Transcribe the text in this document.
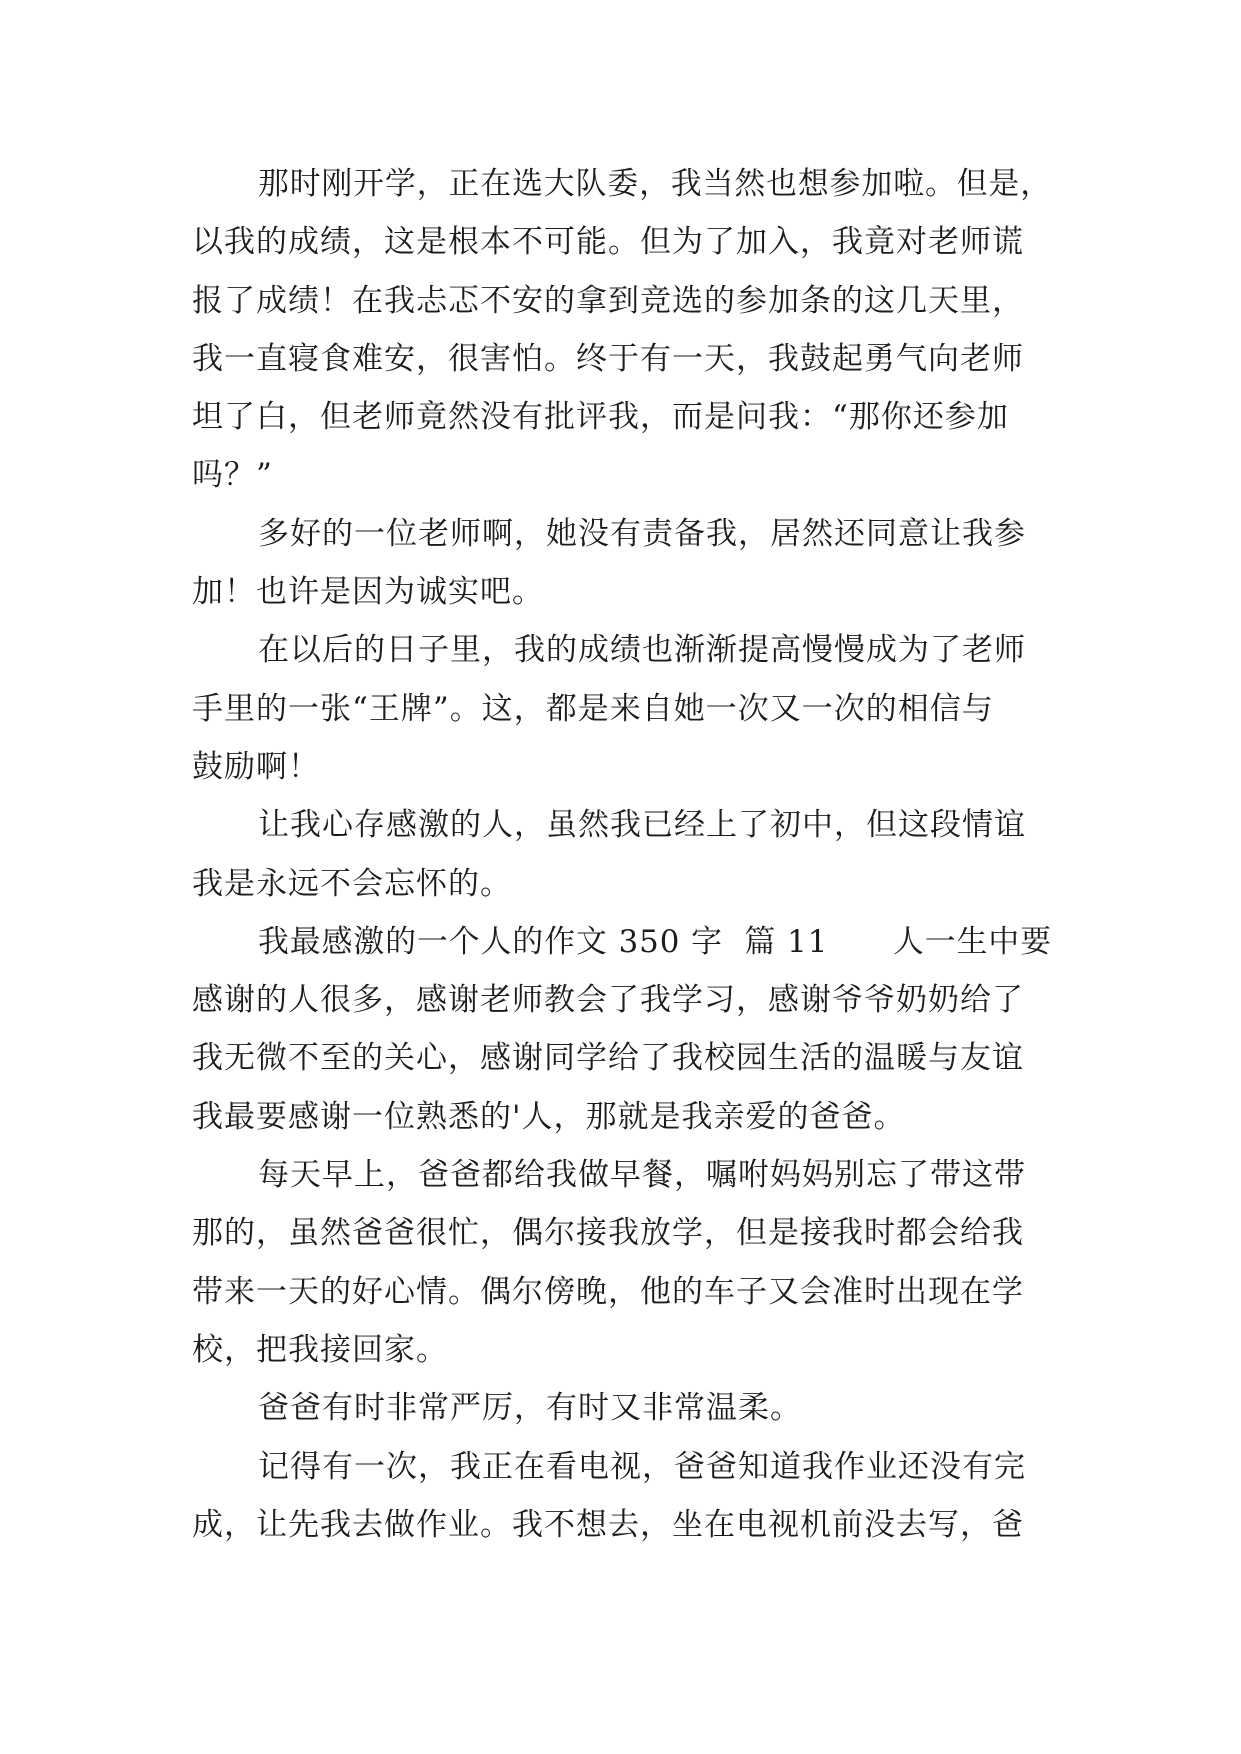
那时刚开学，正在选大队委，我当然也想参加啦。但是，
以我的成绩，这是根本不可能。但为了加入，我竟对老师谎
报了成绩！在我忐忑不安的拿到竞选的参加条的这几天里，
我一直寝食难安，很害怕。终于有一天，我鼓起勇气向老师
坦了白，但老师竟然没有批评我，而是问我：“那你还参加
吗？”
多好的一位老师啊，她没有责备我，居然还同意让我参
加！也许是因为诚实吧。
在以后的日子里，我的成绩也渐渐提高慢慢成为了老师
手里的一张“王牌”。这，都是来自她一次又一次的相信与
鼓励啊！
让我心存感激的人，虽然我已经上了初中，但这段情谊
我是永远不会忘怀的。
我最感激的一个人的作文 350 字  篇 11      人一生中要
感谢的人很多，感谢老师教会了我学习，感谢爷爷奶奶给了
我无微不至的关心，感谢同学给了我校园生活的温暖与友谊
我最要感谢一位熟悉的'人，那就是我亲爱的爸爸。
每天早上，爸爸都给我做早餐，嘱咐妈妈别忘了带这带
那的，虽然爸爸很忙，偶尔接我放学，但是接我时都会给我
带来一天的好心情。偶尔傍晚，他的车子又会准时出现在学
校，把我接回家。
爸爸有时非常严厉，有时又非常温柔。
记得有一次，我正在看电视，爸爸知道我作业还没有完
成，让先我去做作业。我不想去，坐在电视机前没去写，爸
